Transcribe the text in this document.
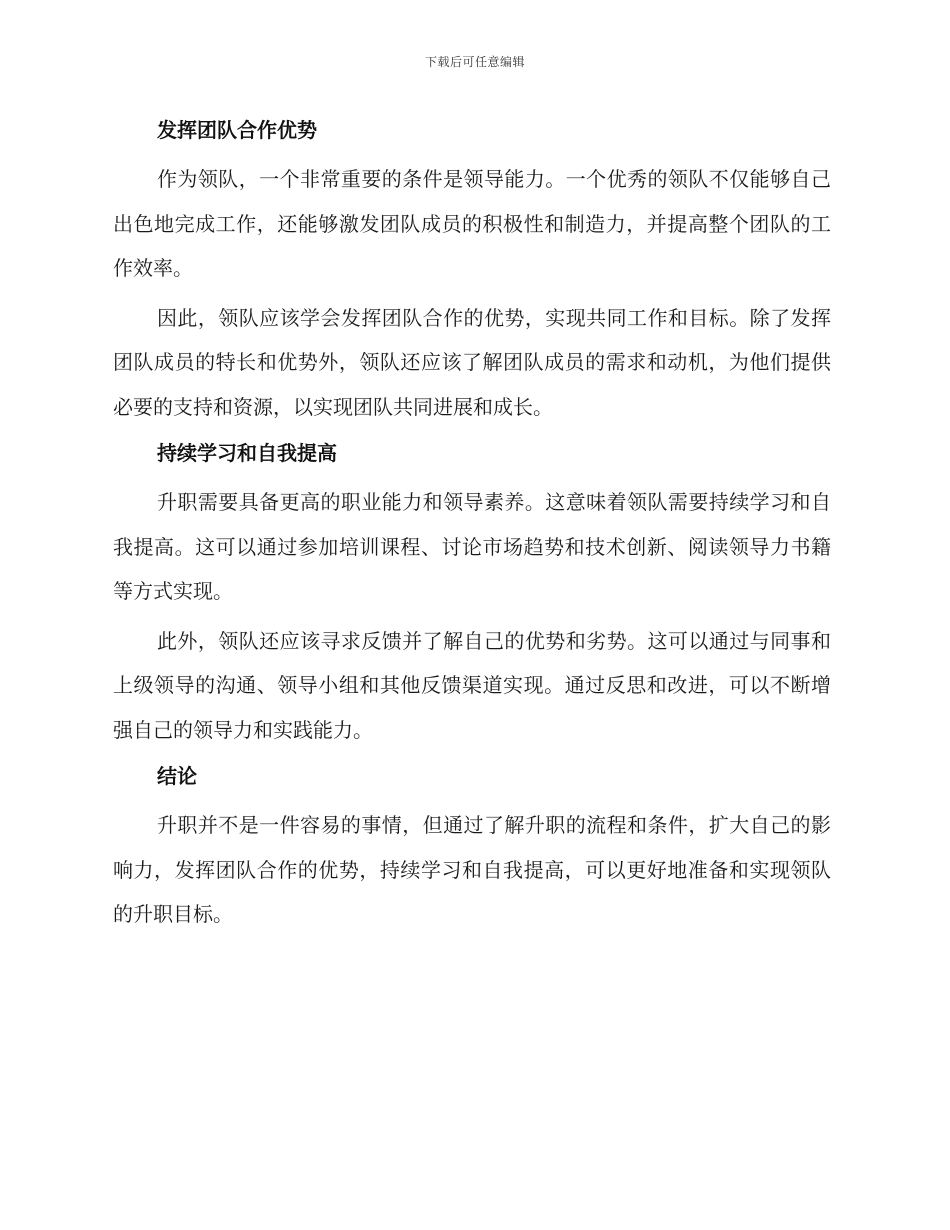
下载后可任意编辑
发挥团队合作优势

作为领队，一个非常重要的条件是领导能力。一个优秀的领队不仅能够自己出色地完成工作，还能够激发团队成员的积极性和制造力，并提高整个团队的工作效率。

因此，领队应该学会发挥团队合作的优势，实现共同工作和目标。除了发挥团队成员的特长和优势外，领队还应该了解团队成员的需求和动机，为他们提供必要的支持和资源，以实现团队共同进展和成长。

持续学习和自我提高

升职需要具备更高的职业能力和领导素养。这意味着领队需要持续学习和自我提高。这可以通过参加培训课程、讨论市场趋势和技术创新、阅读领导力书籍等方式实现。

此外，领队还应该寻求反馈并了解自己的优势和劣势。这可以通过与同事和上级领导的沟通、领导小组和其他反馈渠道实现。通过反思和改进，可以不断增强自己的领导力和实践能力。

结论

升职并不是一件容易的事情，但通过了解升职的流程和条件，扩大自己的影响力，发挥团队合作的优势，持续学习和自我提高，可以更好地准备和实现领队的升职目标。
